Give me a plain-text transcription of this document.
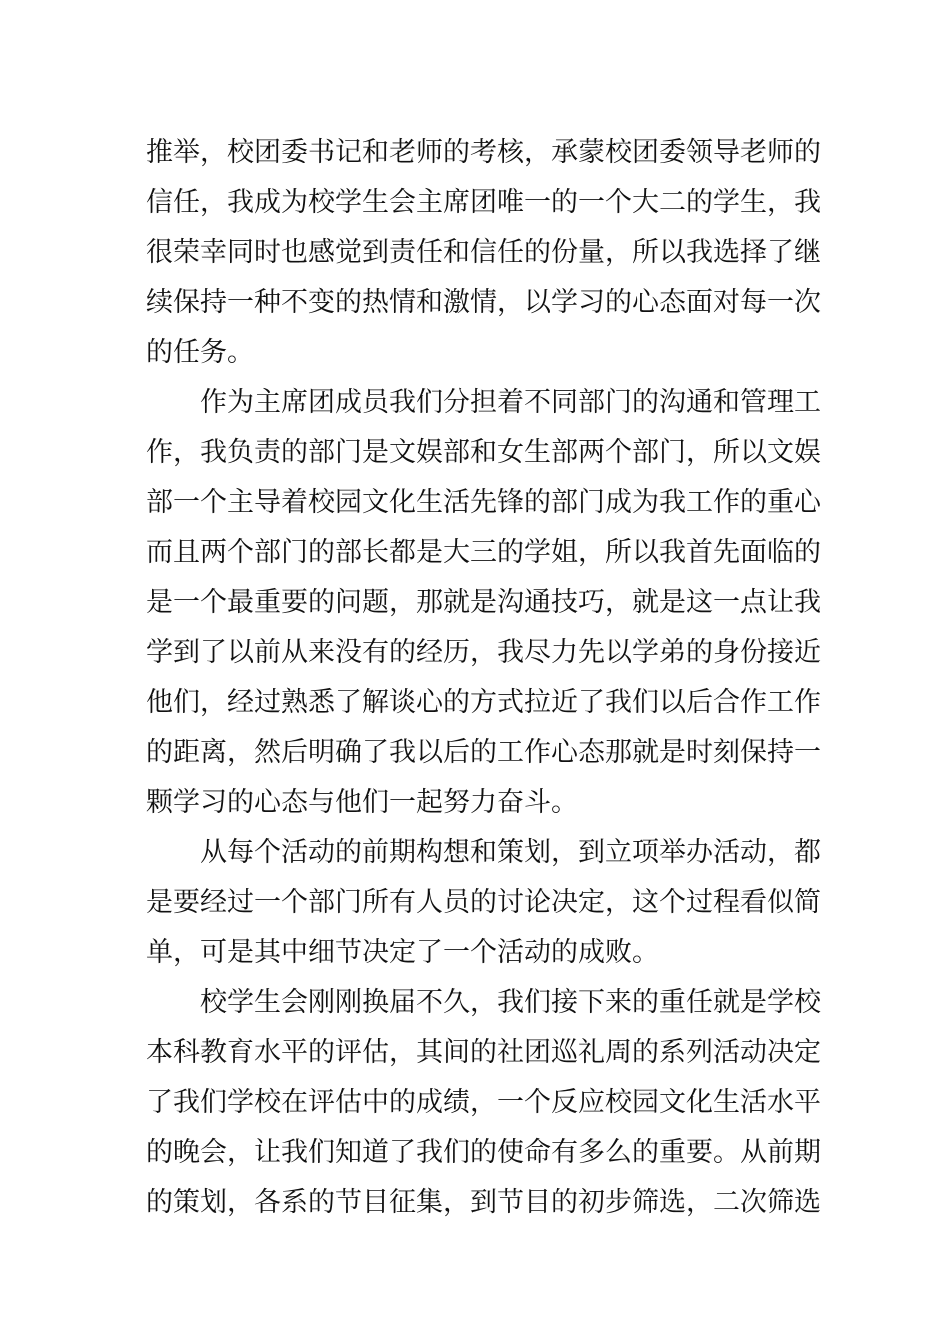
推举，校团委书记和老师的考核，承蒙校团委领导老师的
信任，我成为校学生会主席团唯一的一个大二的学生，我
很荣幸同时也感觉到责任和信任的份量，所以我选择了继
续保持一种不变的热情和激情，以学习的心态面对每一次
的任务。
作为主席团成员我们分担着不同部门的沟通和管理工
作，我负责的部门是文娱部和女生部两个部门，所以文娱
部一个主导着校园文化生活先锋的部门成为我工作的重心
而且两个部门的部长都是大三的学姐，所以我首先面临的
是一个最重要的问题，那就是沟通技巧，就是这一点让我
学到了以前从来没有的经历，我尽力先以学弟的身份接近
他们，经过熟悉了解谈心的方式拉近了我们以后合作工作
的距离，然后明确了我以后的工作心态那就是时刻保持一
颗学习的心态与他们一起努力奋斗。
从每个活动的前期构想和策划，到立项举办活动，都
是要经过一个部门所有人员的讨论决定，这个过程看似简
单，可是其中细节决定了一个活动的成败。
校学生会刚刚换届不久，我们接下来的重任就是学校
本科教育水平的评估，其间的社团巡礼周的系列活动决定
了我们学校在评估中的成绩，一个反应校园文化生活水平
的晚会，让我们知道了我们的使命有多么的重要。从前期
的策划，各系的节目征集，到节目的初步筛选，二次筛选
